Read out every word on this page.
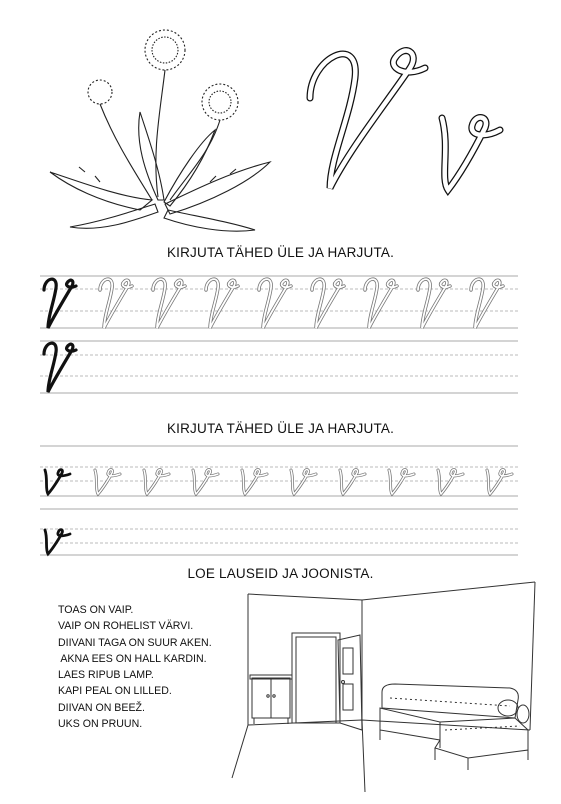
KIRJUTA TÄHED ÜLE JA HARJUTA.
KIRJUTA TÄHED ÜLE JA HARJUTA.
LOE LAUSEID JA JOONISTA.
TOAS ON VAIP.
VAIP ON ROHELIST VÄRVI.
DIIVANI TAGA ON SUUR AKEN.
AKNA EES ON HALL KARDIN.
LAES RIPUB LAMP.
KAPI PEAL ON LILLED.
DIIVAN ON BEEŽ.
UKS ON PRUUN.
